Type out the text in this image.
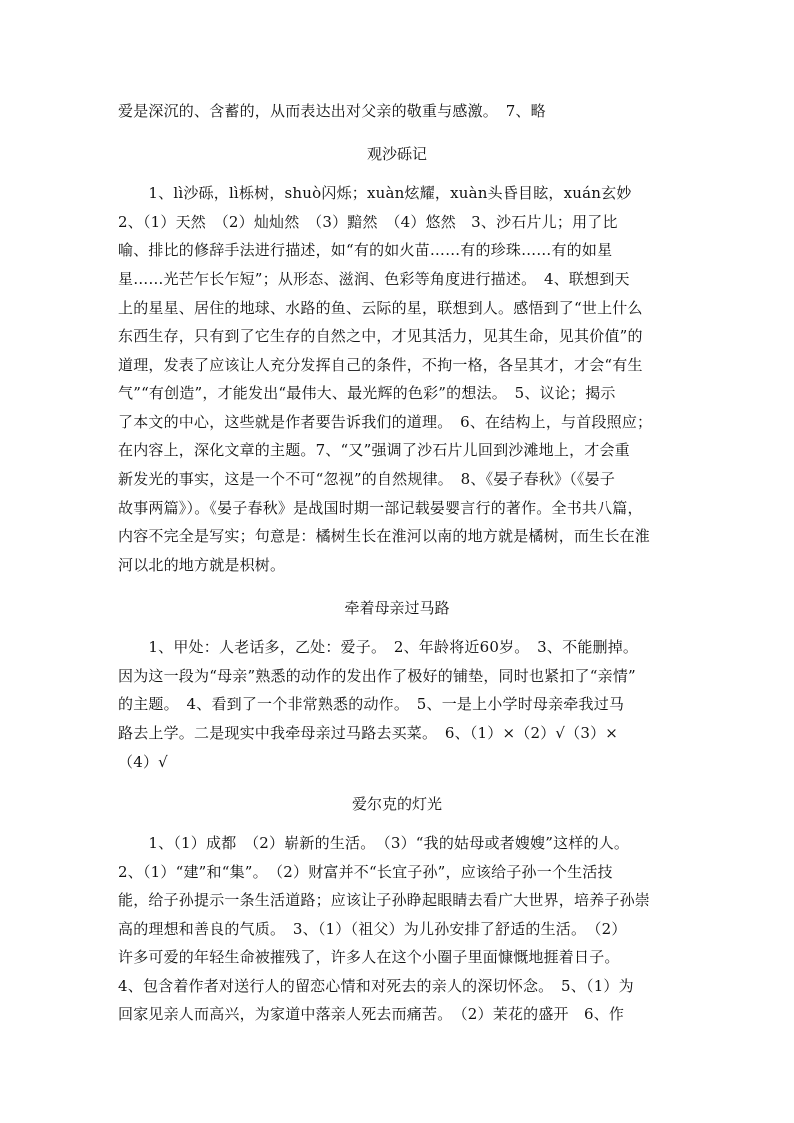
爱是深沉的、含蓄的，从而表达出对父亲的敬重与感激。　7、略
观沙砾记
　　1、lì沙砾，lì栎树，shuò闪烁；xuàn炫耀，xuàn头昏目眩，xuán玄妙
2、（1）天然　（2）灿灿然　（3）黯然　（4）悠然　3、沙石片儿；用了比
喻、排比的修辞手法进行描述，如“有的如火苗……有的珍珠……有的如星
星……光芒乍长乍短”；从形态、滋润、色彩等角度进行描述。　4、联想到天
上的星星、居住的地球、水路的鱼、云际的星，联想到人。感悟到了“世上什么
东西生存，只有到了它生存的自然之中，才见其活力，见其生命，见其价值”的
道理，发表了应该让人充分发挥自己的条件，不拘一格，各呈其才，才会“有生
气”“有创造”，才能发出“最伟大、最光辉的色彩”的想法。　5、议论；揭示
了本文的中心，这些就是作者要告诉我们的道理。　6、在结构上，与首段照应；
在内容上，深化文章的主题。7、“又”强调了沙石片儿回到沙滩地上，才会重
新发光的事实，这是一个不可“忽视”的自然规律。　8、《晏子春秋》（《晏子
故事两篇》）。《晏子春秋》是战国时期一部记载晏婴言行的著作。全书共八篇，
内容不完全是写实；句意是：橘树生长在淮河以南的地方就是橘树，而生长在淮
河以北的地方就是枳树。
牵着母亲过马路
　　1、甲处：人老话多，乙处：爱子。　2、年龄将近60岁。　3、不能删掉。
因为这一段为“母亲”熟悉的动作的发出作了极好的铺垫，同时也紧扣了“亲情”
的主题。　4、看到了一个非常熟悉的动作。　5、一是上小学时母亲牵我过马
路去上学。二是现实中我牵母亲过马路去买菜。　6、（1）×（2）√（3）×
（4）√
爱尔克的灯光
　　1、（1）成都　（2）崭新的生活。　（3）“我的姑母或者嫂嫂”这样的人。
2、（1）“建”和“集”。　（2）财富并不“长宜子孙”，应该给子孙一个生活技
能，给子孙提示一条生活道路；应该让子孙睁起眼睛去看广大世界，培养子孙崇
高的理想和善良的气质。　3、（1）（祖父）为儿孙安排了舒适的生活。　（2）
许多可爱的年轻生命被摧残了，许多人在这个小圈子里面慷慨地捱着日子。
4、包含着作者对送行人的留恋心情和对死去的亲人的深切怀念。　5、（1）为
回家见亲人而高兴，为家道中落亲人死去而痛苦。　（2）茉花的盛开　6、作
